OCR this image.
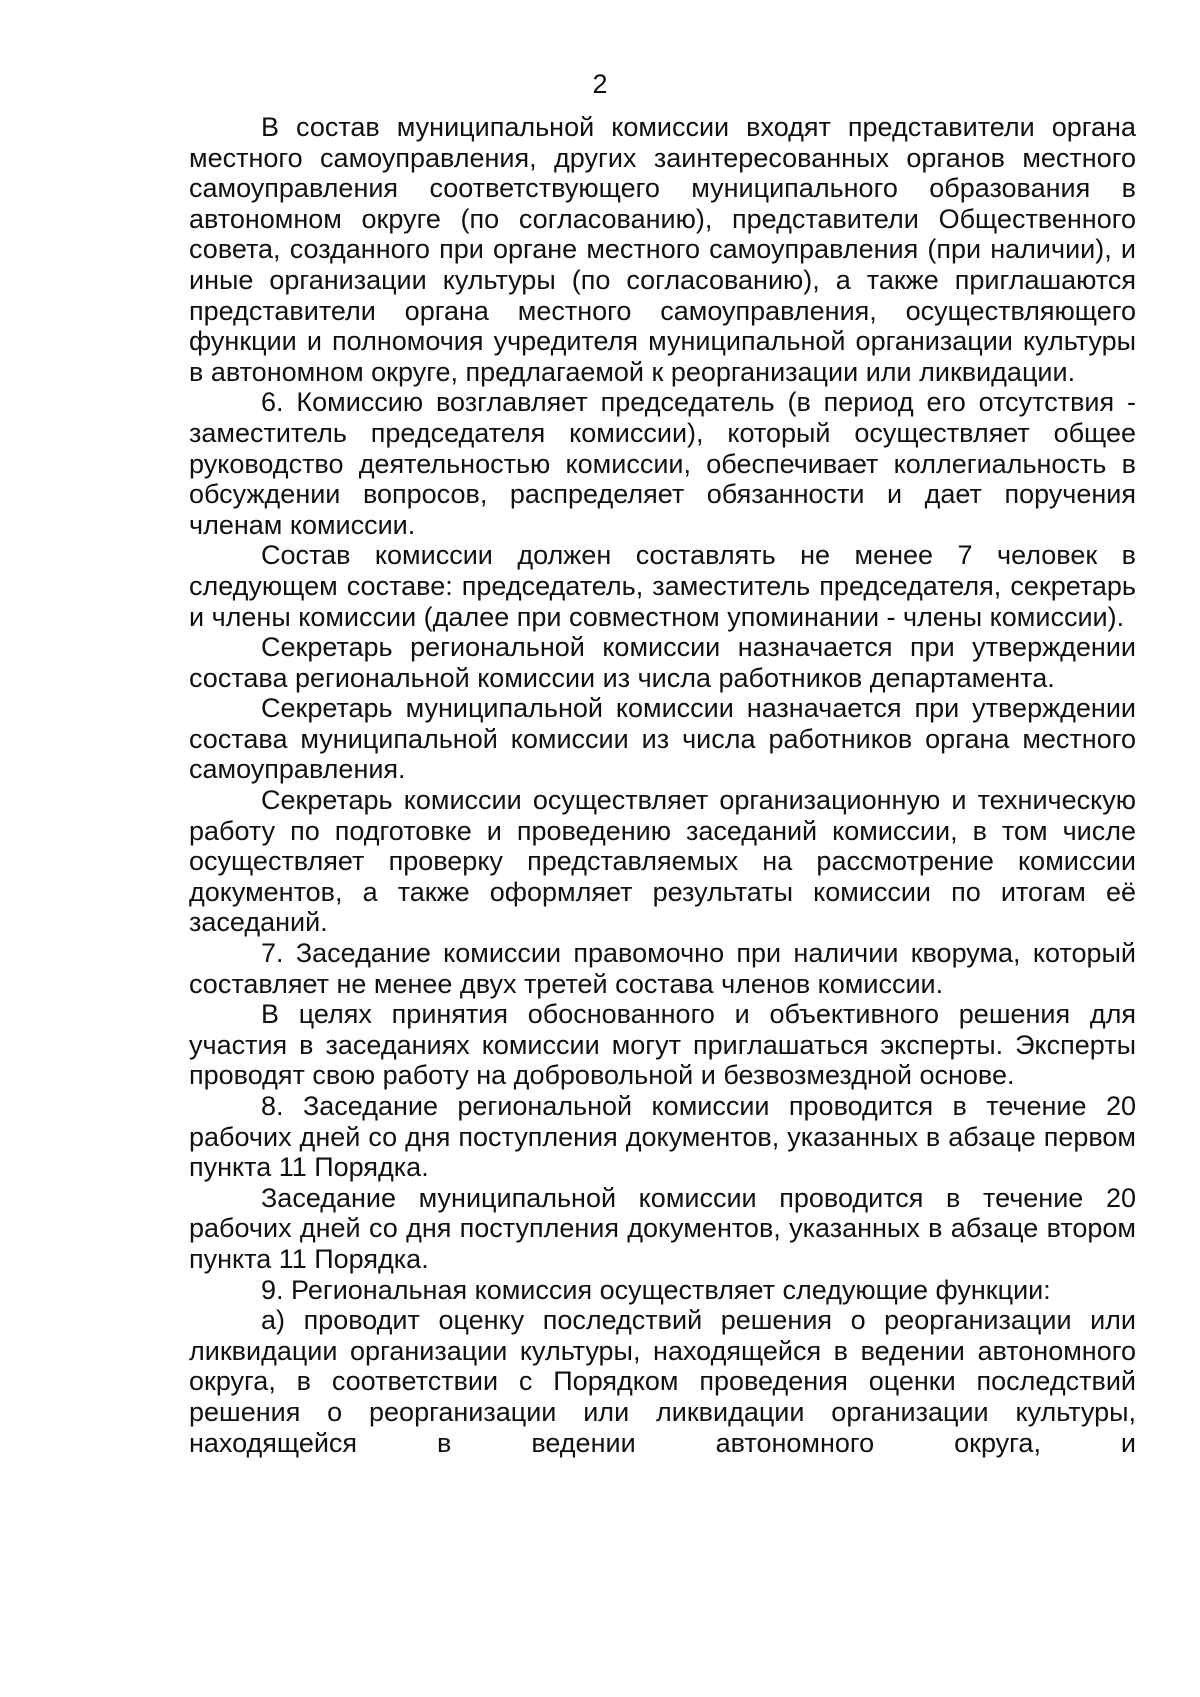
2

В состав муниципальной комиссии входят представители органа местного самоуправления, других заинтересованных органов местного самоуправления соответствующего муниципального образования в автономном округе (по согласованию), представители Общественного совета, созданного при органе местного самоуправления (при наличии), и иные организации культуры (по согласованию), а также приглашаются представители органа местного самоуправления, осуществляющего функции и полномочия учредителя муниципальной организации культуры в автономном округе, предлагаемой к реорганизации или ликвидации.

6. Комиссию возглавляет председатель (в период его отсутствия - заместитель председателя комиссии), который осуществляет общее руководство деятельностью комиссии, обеспечивает коллегиальность в обсуждении вопросов, распределяет обязанности и дает поручения членам комиссии.

Состав комиссии должен составлять не менее 7 человек в следующем составе: председатель, заместитель председателя, секретарь и члены комиссии (далее при совместном упоминании - члены комиссии).

Секретарь региональной комиссии назначается при утверждении состава региональной комиссии из числа работников департамента.

Секретарь муниципальной комиссии назначается при утверждении состава муниципальной комиссии из числа работников органа местного самоуправления.

Секретарь комиссии осуществляет организационную и техническую работу по подготовке и проведению заседаний комиссии, в том числе осуществляет проверку представляемых на рассмотрение комиссии документов, а также оформляет результаты комиссии по итогам её заседаний.

7. Заседание комиссии правомочно при наличии кворума, который составляет не менее двух третей состава членов комиссии.

В целях принятия обоснованного и объективного решения для участия в заседаниях комиссии могут приглашаться эксперты. Эксперты проводят свою работу на добровольной и безвозмездной основе.

8. Заседание региональной комиссии проводится в течение 20 рабочих дней со дня поступления документов, указанных в абзаце первом пункта 11 Порядка.

Заседание муниципальной комиссии проводится в течение 20 рабочих дней со дня поступления документов, указанных в абзаце втором пункта 11 Порядка.

9. Региональная комиссия осуществляет следующие функции:

а) проводит оценку последствий решения о реорганизации или ликвидации организации культуры, находящейся в ведении автономного округа, в соответствии с Порядком проведения оценки последствий решения о реорганизации или ликвидации организации культуры, находящейся в ведении автономного округа, и
